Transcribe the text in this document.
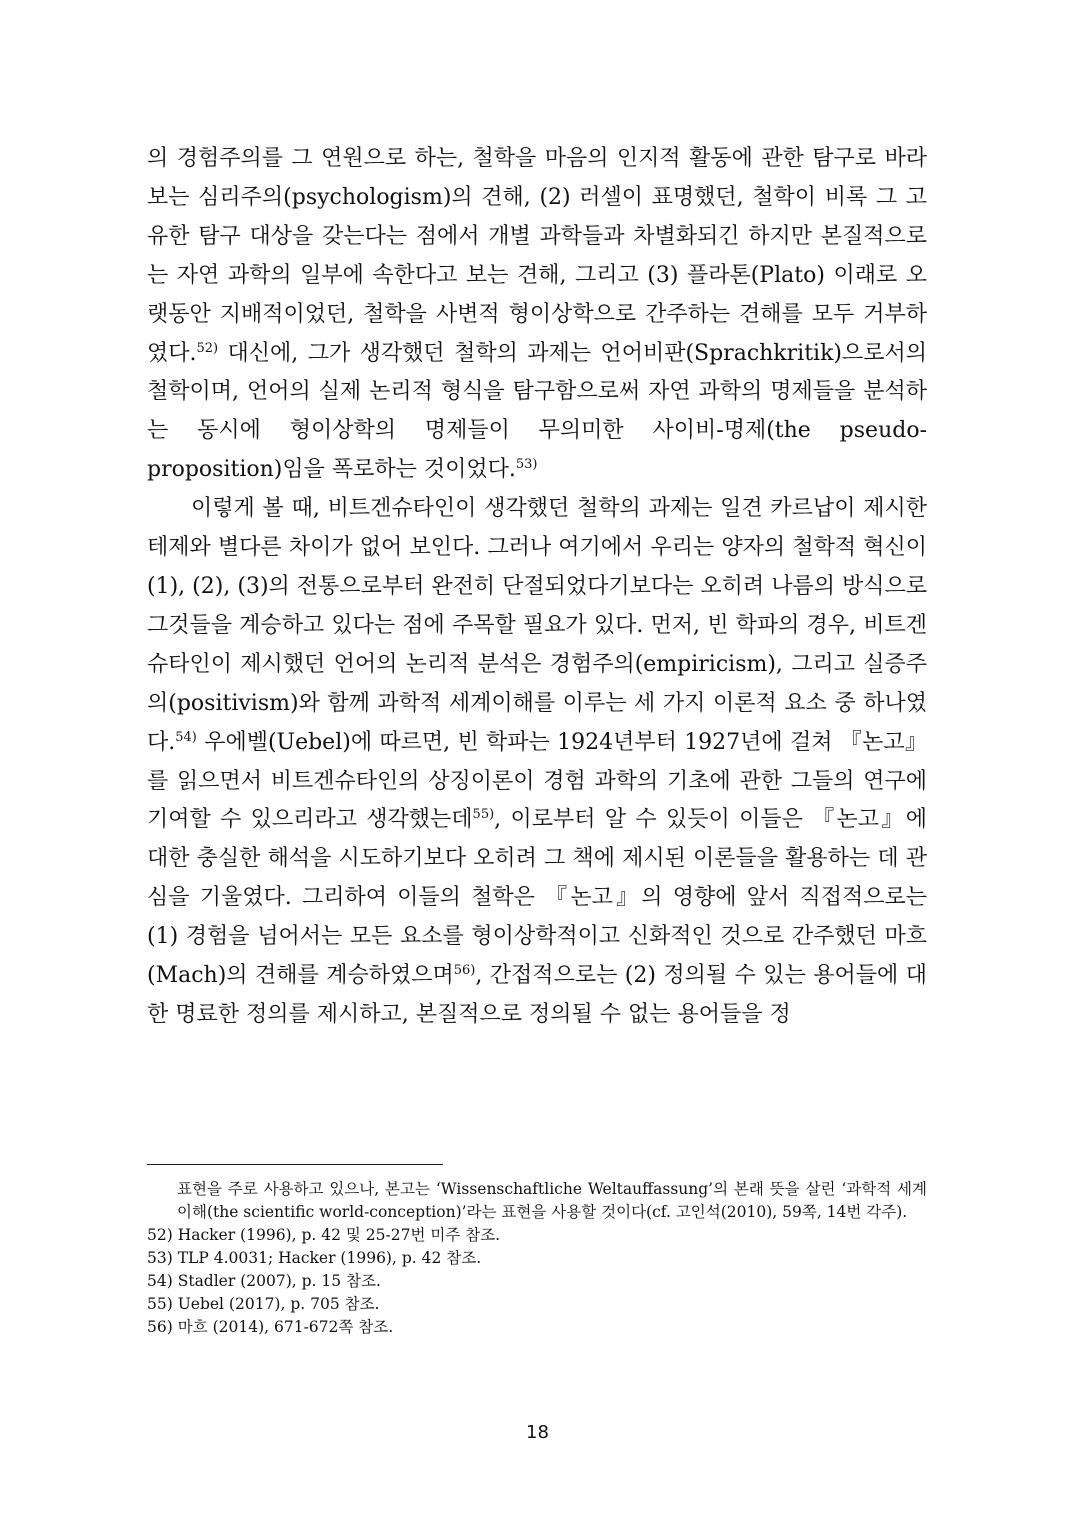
의 경험주의를 그 연원으로 하는, 철학을 마음의 인지적 활동에 관한 탐구로 바라보는 심리주의(psychologism)의 견해, (2) 러셀이 표명했던, 철학이 비록 그 고유한 탐구 대상을 갖는다는 점에서 개별 과학들과 차별화되긴 하지만 본질적으로는 자연 과학의 일부에 속한다고 보는 견해, 그리고 (3) 플라톤(Plato) 이래로 오랫동안 지배적이었던, 철학을 사변적 형이상학으로 간주하는 견해를 모두 거부하였다.$^{52)}$ 대신에, 그가 생각했던 철학의 과제는 언어비판(Sprachkritik)으로서의 철학이며, 언어의 실제 논리적 형식을 탐구함으로써 자연 과학의 명제들을 분석하는 동시에 형이상학의 명제들이 무의미한 사이비-명제(the pseudo-proposition)임을 폭로하는 것이었다.$^{53)}$

이렇게 볼 때, 비트겐슈타인이 생각했던 철학의 과제는 일견 카르납이 제시한 테제와 별다른 차이가 없어 보인다. 그러나 여기에서 우리는 양자의 철학적 혁신이 (1), (2), (3)의 전통으로부터 완전히 단절되었다기보다는 오히려 나름의 방식으로 그것들을 계승하고 있다는 점에 주목할 필요가 있다. 먼저, 빈 학파의 경우, 비트겐슈타인이 제시했던 언어의 논리적 분석은 경험주의(empiricism), 그리고 실증주의(positivism)와 함께 과학적 세계이해를 이루는 세 가지 이론적 요소 중 하나였다.$^{54)}$ 우에벨(Uebel)에 따르면, 빈 학파는 1924년부터 1927년에 걸쳐 『논고』를 읽으면서 비트겐슈타인의 상징이론이 경험 과학의 기초에 관한 그들의 연구에 기여할 수 있으리라고 생각했는데$^{55)}$, 이로부터 알 수 있듯이 이들은 『논고』에 대한 충실한 해석을 시도하기보다 오히려 그 책에 제시된 이론들을 활용하는 데 관심을 기울였다. 그리하여 이들의 철학은 『논고』의 영향에 앞서 직접적으로는 (1) 경험을 넘어서는 모든 요소를 형이상학적이고 신화적인 것으로 간주했던 마흐(Mach)의 견해를 계승하였으며$^{56)}$, 간접적으로는 (2) 정의될 수 있는 용어들에 대한 명료한 정의를 제시하고, 본질적으로 정의될 수 없는 용어들을 정

표현을 주로 사용하고 있으나, 본고는 ‘Wissenschaftliche Weltauffassung’의 본래 뜻을 살린 ‘과학적 세계이해(the scientific world-conception)’라는 표현을 사용할 것이다(cf. 고인석(2010), 59쪽, 14번 각주).
52) Hacker (1996), p. 42 및 25-27번 미주 참조.
53) TLP 4.0031; Hacker (1996), p. 42 참조.
54) Stadler (2007), p. 15 참조.
55) Uebel (2017), p. 705 참조.
56) 마흐 (2014), 671-672쪽 참조.
18
